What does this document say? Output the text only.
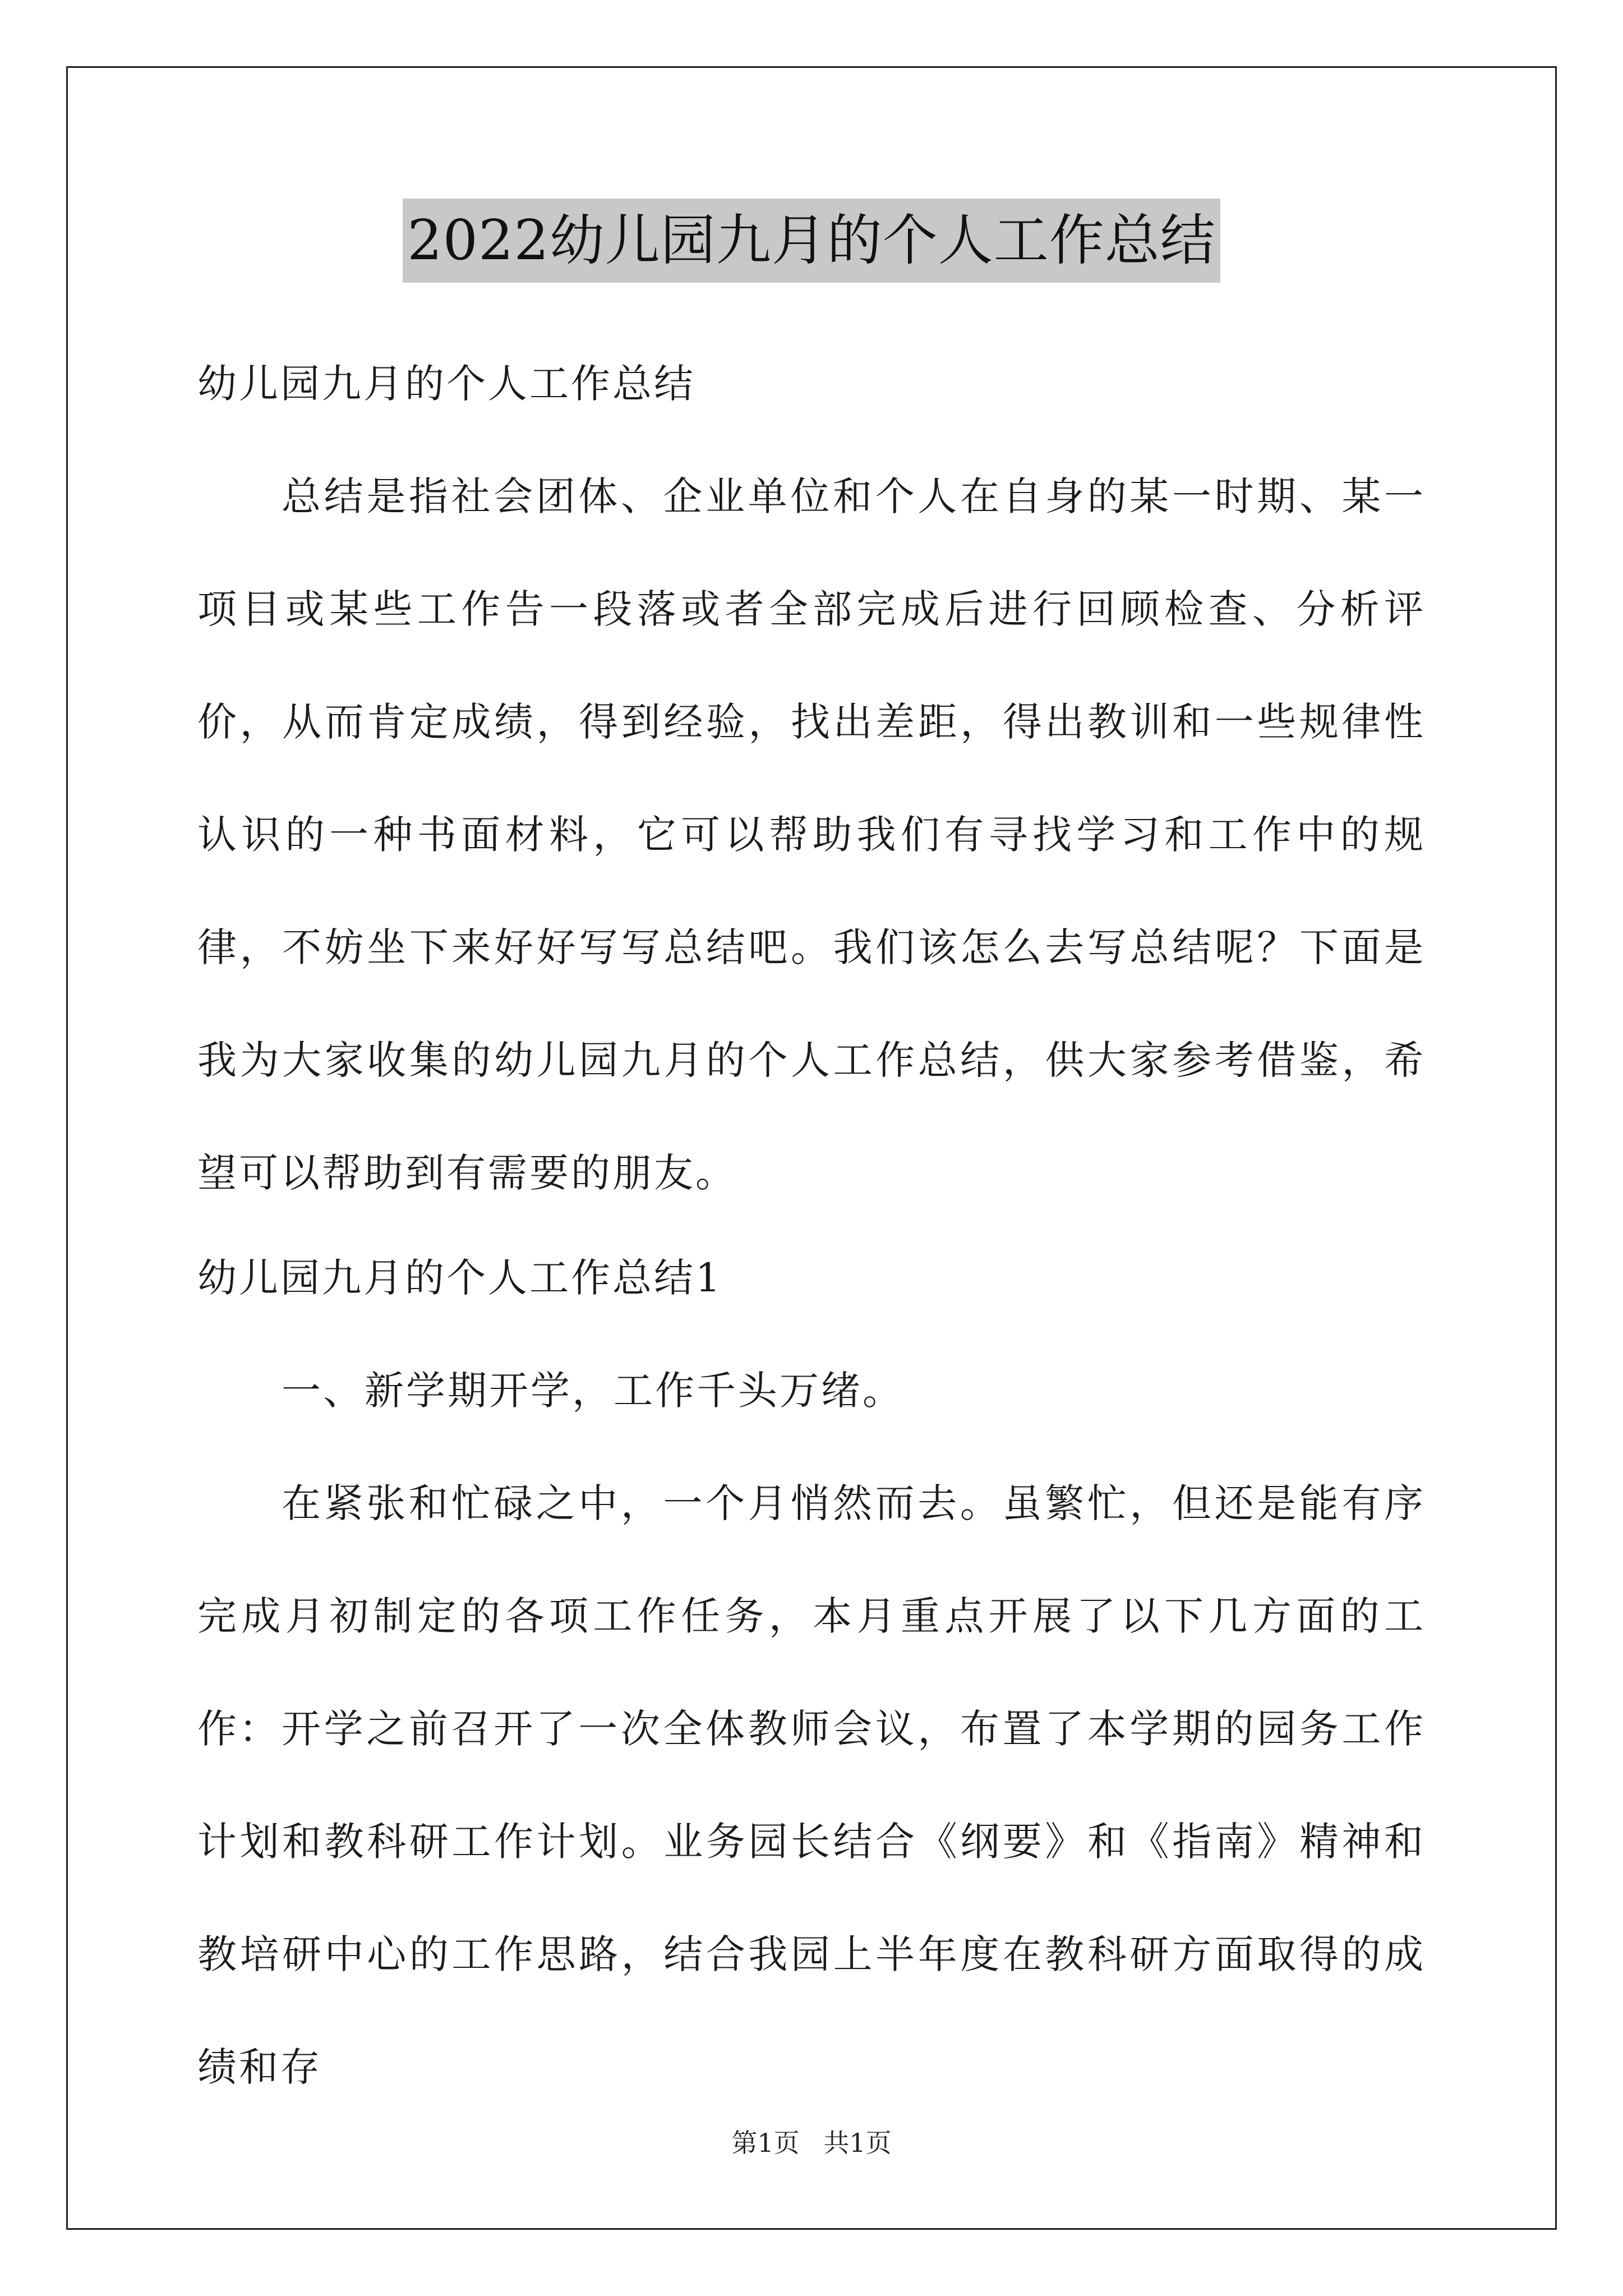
2022幼儿园九月的个人工作总结

幼儿园九月的个人工作总结

总结是指社会团体、企业单位和个人在自身的某一时期、某一项目或某些工作告一段落或者全部完成后进行回顾检查、分析评价，从而肯定成绩，得到经验，找出差距，得出教训和一些规律性认识的一种书面材料，它可以帮助我们有寻找学习和工作中的规律，不妨坐下来好好写写总结吧。我们该怎么去写总结呢？下面是我为大家收集的幼儿园九月的个人工作总结，供大家参考借鉴，希望可以帮助到有需要的朋友。

幼儿园九月的个人工作总结1

一、新学期开学，工作千头万绪。

在紧张和忙碌之中，一个月悄然而去。虽繁忙，但还是能有序完成月初制定的各项工作任务，本月重点开展了以下几方面的工作： 开学之前召开了一次全体教师会议，布置了本学期的园务工作计划和教科研工作计划。业务园长结合《纲要》和《指南》精神和教培研中心的工作思路，结合我园上半年度在教科研方面取得的成绩和存

第1页 共1页
